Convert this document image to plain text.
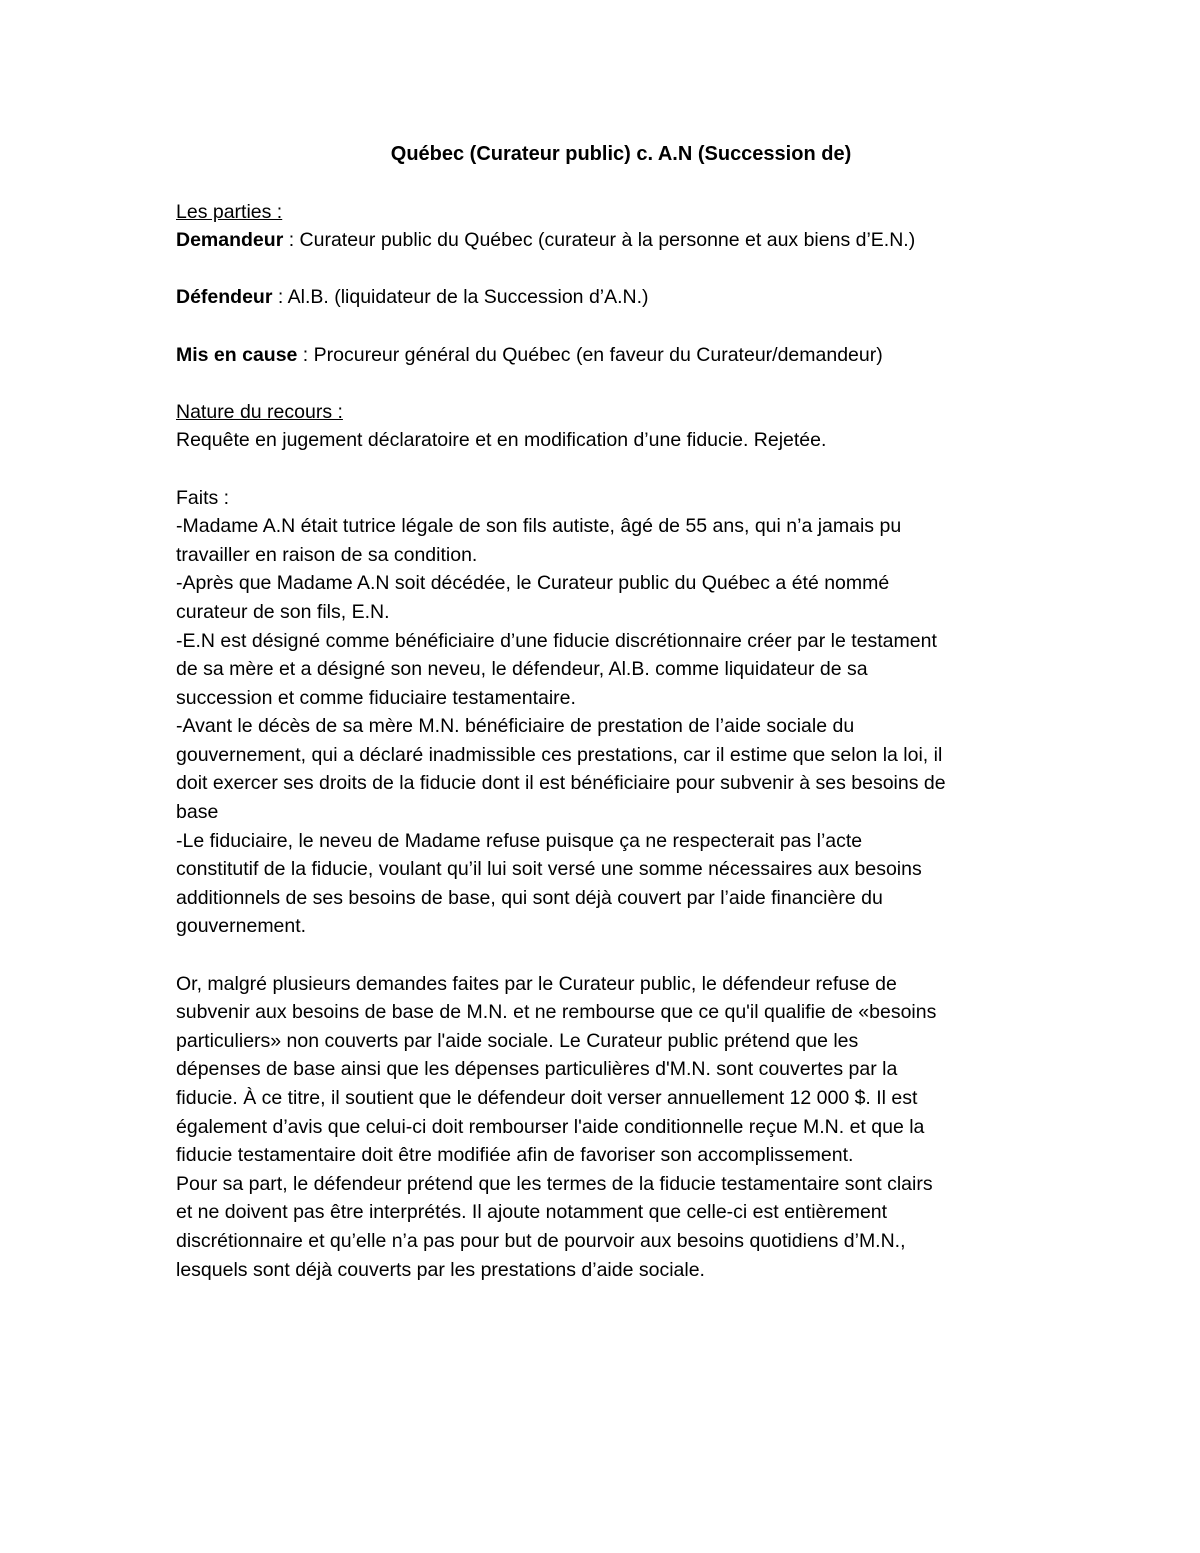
Québec (Curateur public) c. A.N (Succession de)

Les parties :

Demandeur : Curateur public du Québec (curateur à la personne et aux biens d’E.N.)

Défendeur : Al.B. (liquidateur de la Succession d’A.N.)

Mis en cause : Procureur général du Québec (en faveur du Curateur/demandeur)

Nature du recours :

Requête en jugement déclaratoire et en modification d’une fiducie. Rejetée.

Faits :

-Madame A.N était tutrice légale de son fils autiste, âgé de 55 ans, qui n’a jamais pu

travailler en raison de sa condition.

-Après que Madame A.N soit décédée, le Curateur public du Québec a été nommé

curateur de son fils, E.N.

-E.N est désigné comme bénéficiaire d’une fiducie discrétionnaire créer par le testament

de sa mère et a désigné son neveu, le défendeur, Al.B. comme liquidateur de sa

succession et comme fiduciaire testamentaire.

-Avant le décès de sa mère M.N. bénéficiaire de prestation de l’aide sociale du

gouvernement, qui a déclaré inadmissible ces prestations, car il estime que selon la loi, il

doit exercer ses droits de la fiducie dont il est bénéficiaire pour subvenir à ses besoins de

base

-Le fiduciaire, le neveu de Madame refuse puisque ça ne respecterait pas l’acte

constitutif de la fiducie, voulant qu’il lui soit versé une somme nécessaires aux besoins

additionnels de ses besoins de base, qui sont déjà couvert par l’aide financière du

gouvernement.

Or, malgré plusieurs demandes faites par le Curateur public, le défendeur refuse de

subvenir aux besoins de base de M.N. et ne rembourse que ce qu'il qualifie de «besoins

particuliers» non couverts par l'aide sociale. Le Curateur public prétend que les

dépenses de base ainsi que les dépenses particulières d'M.N. sont couvertes par la

fiducie. À ce titre, il soutient que le défendeur doit verser annuellement 12 000 $. Il est

également d’avis que celui-ci doit rembourser l'aide conditionnelle reçue M.N. et que la

fiducie testamentaire doit être modifiée afin de favoriser son accomplissement.

Pour sa part, le défendeur prétend que les termes de la fiducie testamentaire sont clairs

et ne doivent pas être interprétés. Il ajoute notamment que celle-ci est entièrement

discrétionnaire et qu’elle n’a pas pour but de pourvoir aux besoins quotidiens d’M.N.,

lesquels sont déjà couverts par les prestations d’aide sociale.
